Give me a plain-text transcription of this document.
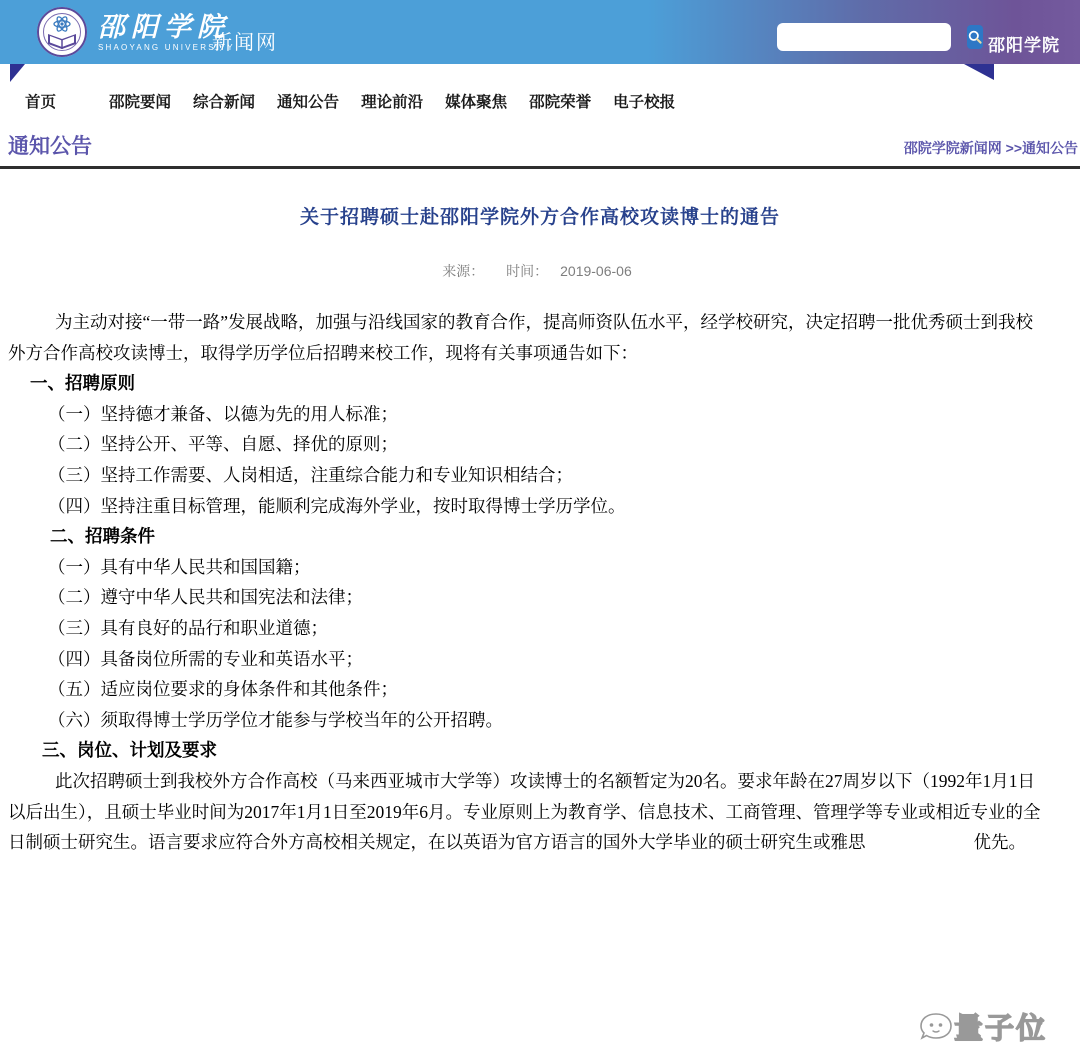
邵阳学院
SHAOYANG UNIVERSITY
新闻网	邵阳学院
首页	邵院要闻 综合新闻 通知公告 理论前沿 媒体聚焦 邵院荣誉 电子校报
通知公告	邵院学院新闻网 >>通知公告
关于招聘硕士赴邵阳学院外方合作高校攻读博士的通告
来源： 时间： 2019-06-06

为主动对接“一带一路”发展战略，加强与沿线国家的教育合作，提高师资队伍水平，经学校研究，决定招聘一批优秀硕士到我校外方合作高校攻读博士，取得学历学位后招聘来校工作，现将有关事项通告如下：

一、招聘原则
（一）坚持德才兼备、以德为先的用人标准；
（二）坚持公开、平等、自愿、择优的原则；
（三）坚持工作需要、人岗相适，注重综合能力和专业知识相结合；
（四）坚持注重目标管理，能顺利完成海外学业，按时取得博士学历学位。
二、招聘条件
（一）具有中华人民共和国国籍；
（二）遵守中华人民共和国宪法和法律；
（三）具有良好的品行和职业道德；
（四）具备岗位所需的专业和英语水平；
（五）适应岗位要求的身体条件和其他条件；
（六）须取得博士学历学位才能参与学校当年的公开招聘。
三、岗位、计划及要求

此次招聘硕士到我校外方合作高校（马来西亚城市大学等）攻读博士的名额暂定为20名。要求年龄在27周岁以下（1992年1月1日以后出生），且硕士毕业时间为2017年1月1日至2019年6月。专业原则上为教育学、信息技术、工商管理、管理学等专业或相近专业的全日制硕士研究生。语言要求应符合外方高校相关规定，在以英语为官方语言的国外大学毕业的硕士研究生或雅思	优先。

量子位
